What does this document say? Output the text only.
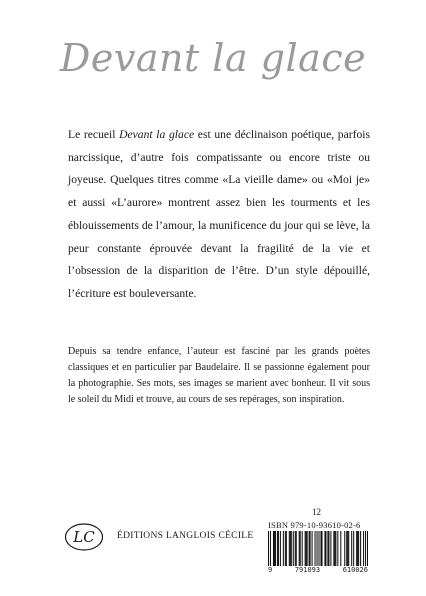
Devant la glace

Le recueil Devant la glace est une déclinaison poétique, parfois narcissique, d’autre fois compatissante ou encore triste ou joyeuse. Quelques titres comme «La vieille dame» ou «Moi je» et aussi «L’aurore» montrent assez bien les tourments et les éblouissements de l’amour, la munificence du jour qui se lève, la peur constante éprouvée devant la fragilité de la vie et l’obsession de la disparition de l’être. D’un style dépouillé, l’écriture est bouleversante.

Depuis sa tendre enfance, l’auteur est fasciné par les grands poètes classiques et en particulier par Baudelaire. Il se passionne également pour la photographie. Ses mots, ses images se marient avec bonheur. Il vit sous le soleil du Midi et trouve, au cours de ses repérages, son inspiration.

12
LC ÉDITIONS LANGLOIS CÉCILE
ISBN 979-10-93610-02-6
9	791093	610026
